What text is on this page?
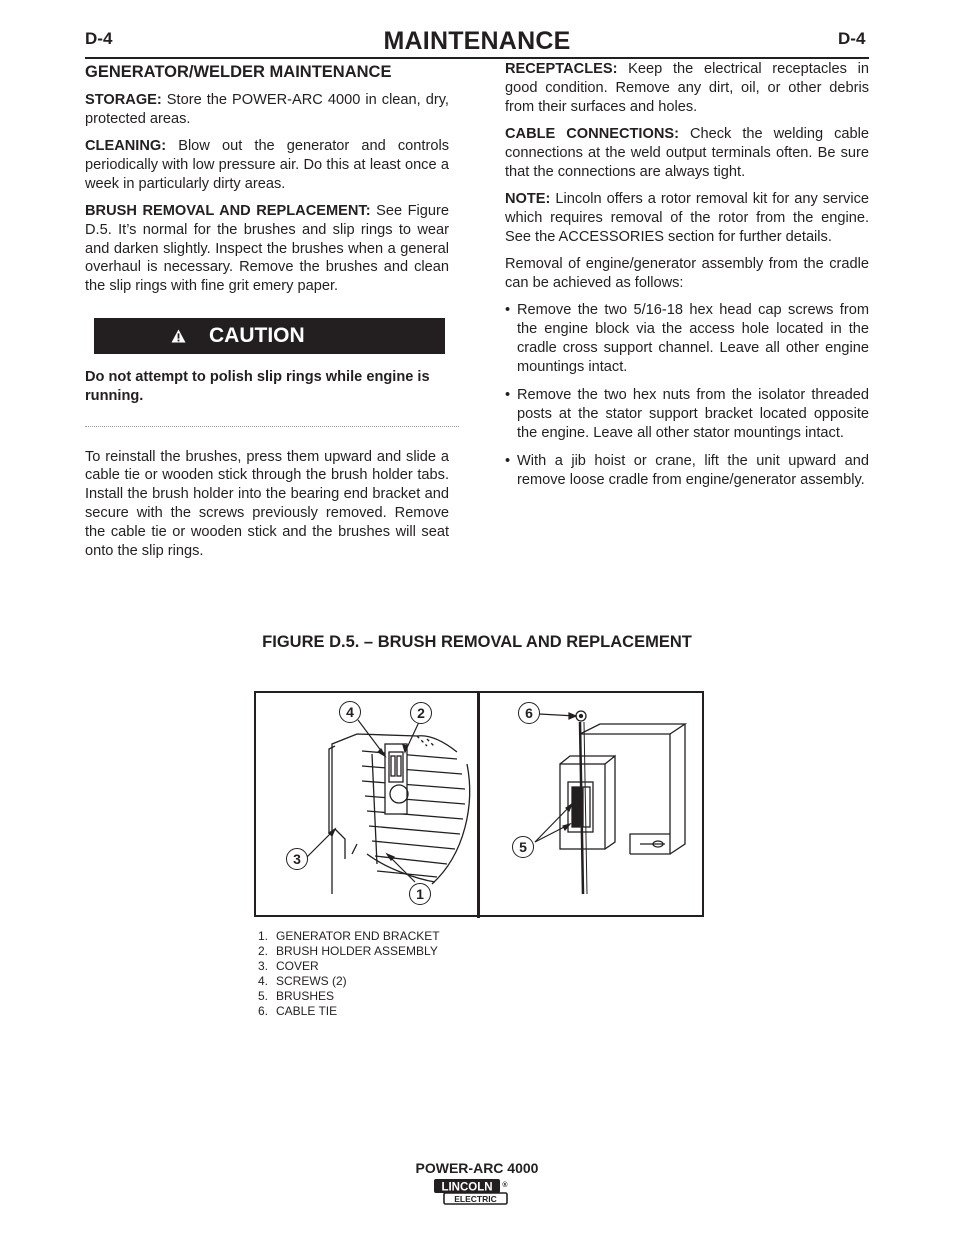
D-4	MAINTENANCE	D-4

GENERATOR/WELDER MAINTENANCE

STORAGE: Store the POWER-ARC 4000 in clean, dry, protected areas.

CLEANING: Blow out the generator and controls periodically with low pressure air. Do this at least once a week in particularly dirty areas.

BRUSH REMOVAL AND REPLACEMENT: See Figure D.5. It’s normal for the brushes and slip rings to wear and darken slightly. Inspect the brushes when a general overhaul is necessary. Remove the brushes and clean the slip rings with fine grit emery paper.

CAUTION

Do not attempt to polish slip rings while engine is running.

To reinstall the brushes, press them upward and slide a cable tie or wooden stick through the brush holder tabs. Install the brush holder into the bearing end bracket and secure with the screws previously removed. Remove the cable tie or wooden stick and the brushes will seat onto the slip rings.

RECEPTACLES: Keep the electrical receptacles in good condition. Remove any dirt, oil, or other debris from their surfaces and holes.

CABLE CONNECTIONS: Check the welding cable connections at the weld output terminals often. Be sure that the connections are always tight.

NOTE: Lincoln offers a rotor removal kit for any service which requires removal of the rotor from the engine. See the ACCESSORIES section for further details.

Removal of engine/generator assembly from the cradle can be achieved as follows:

• Remove the two 5/16-18 hex head cap screws from the engine block via the access hole located in the cradle cross support channel. Leave all other engine mountings intact.
• Remove the two hex nuts from the isolator threaded posts at the stator support bracket located opposite the engine. Leave all other stator mountings intact.
• With a jib hoist or crane, lift the unit upward and remove loose cradle from engine/generator assembly.
FIGURE D.5. – BRUSH REMOVAL AND REPLACEMENT
1
2
3
4
5
6
1. GENERATOR END BRACKET
2. BRUSH HOLDER ASSEMBLY
3. COVER
4. SCREWS (2)
5. BRUSHES
6. CABLE TIE
POWER-ARC 4000
LINCOLN ®
ELECTRIC
